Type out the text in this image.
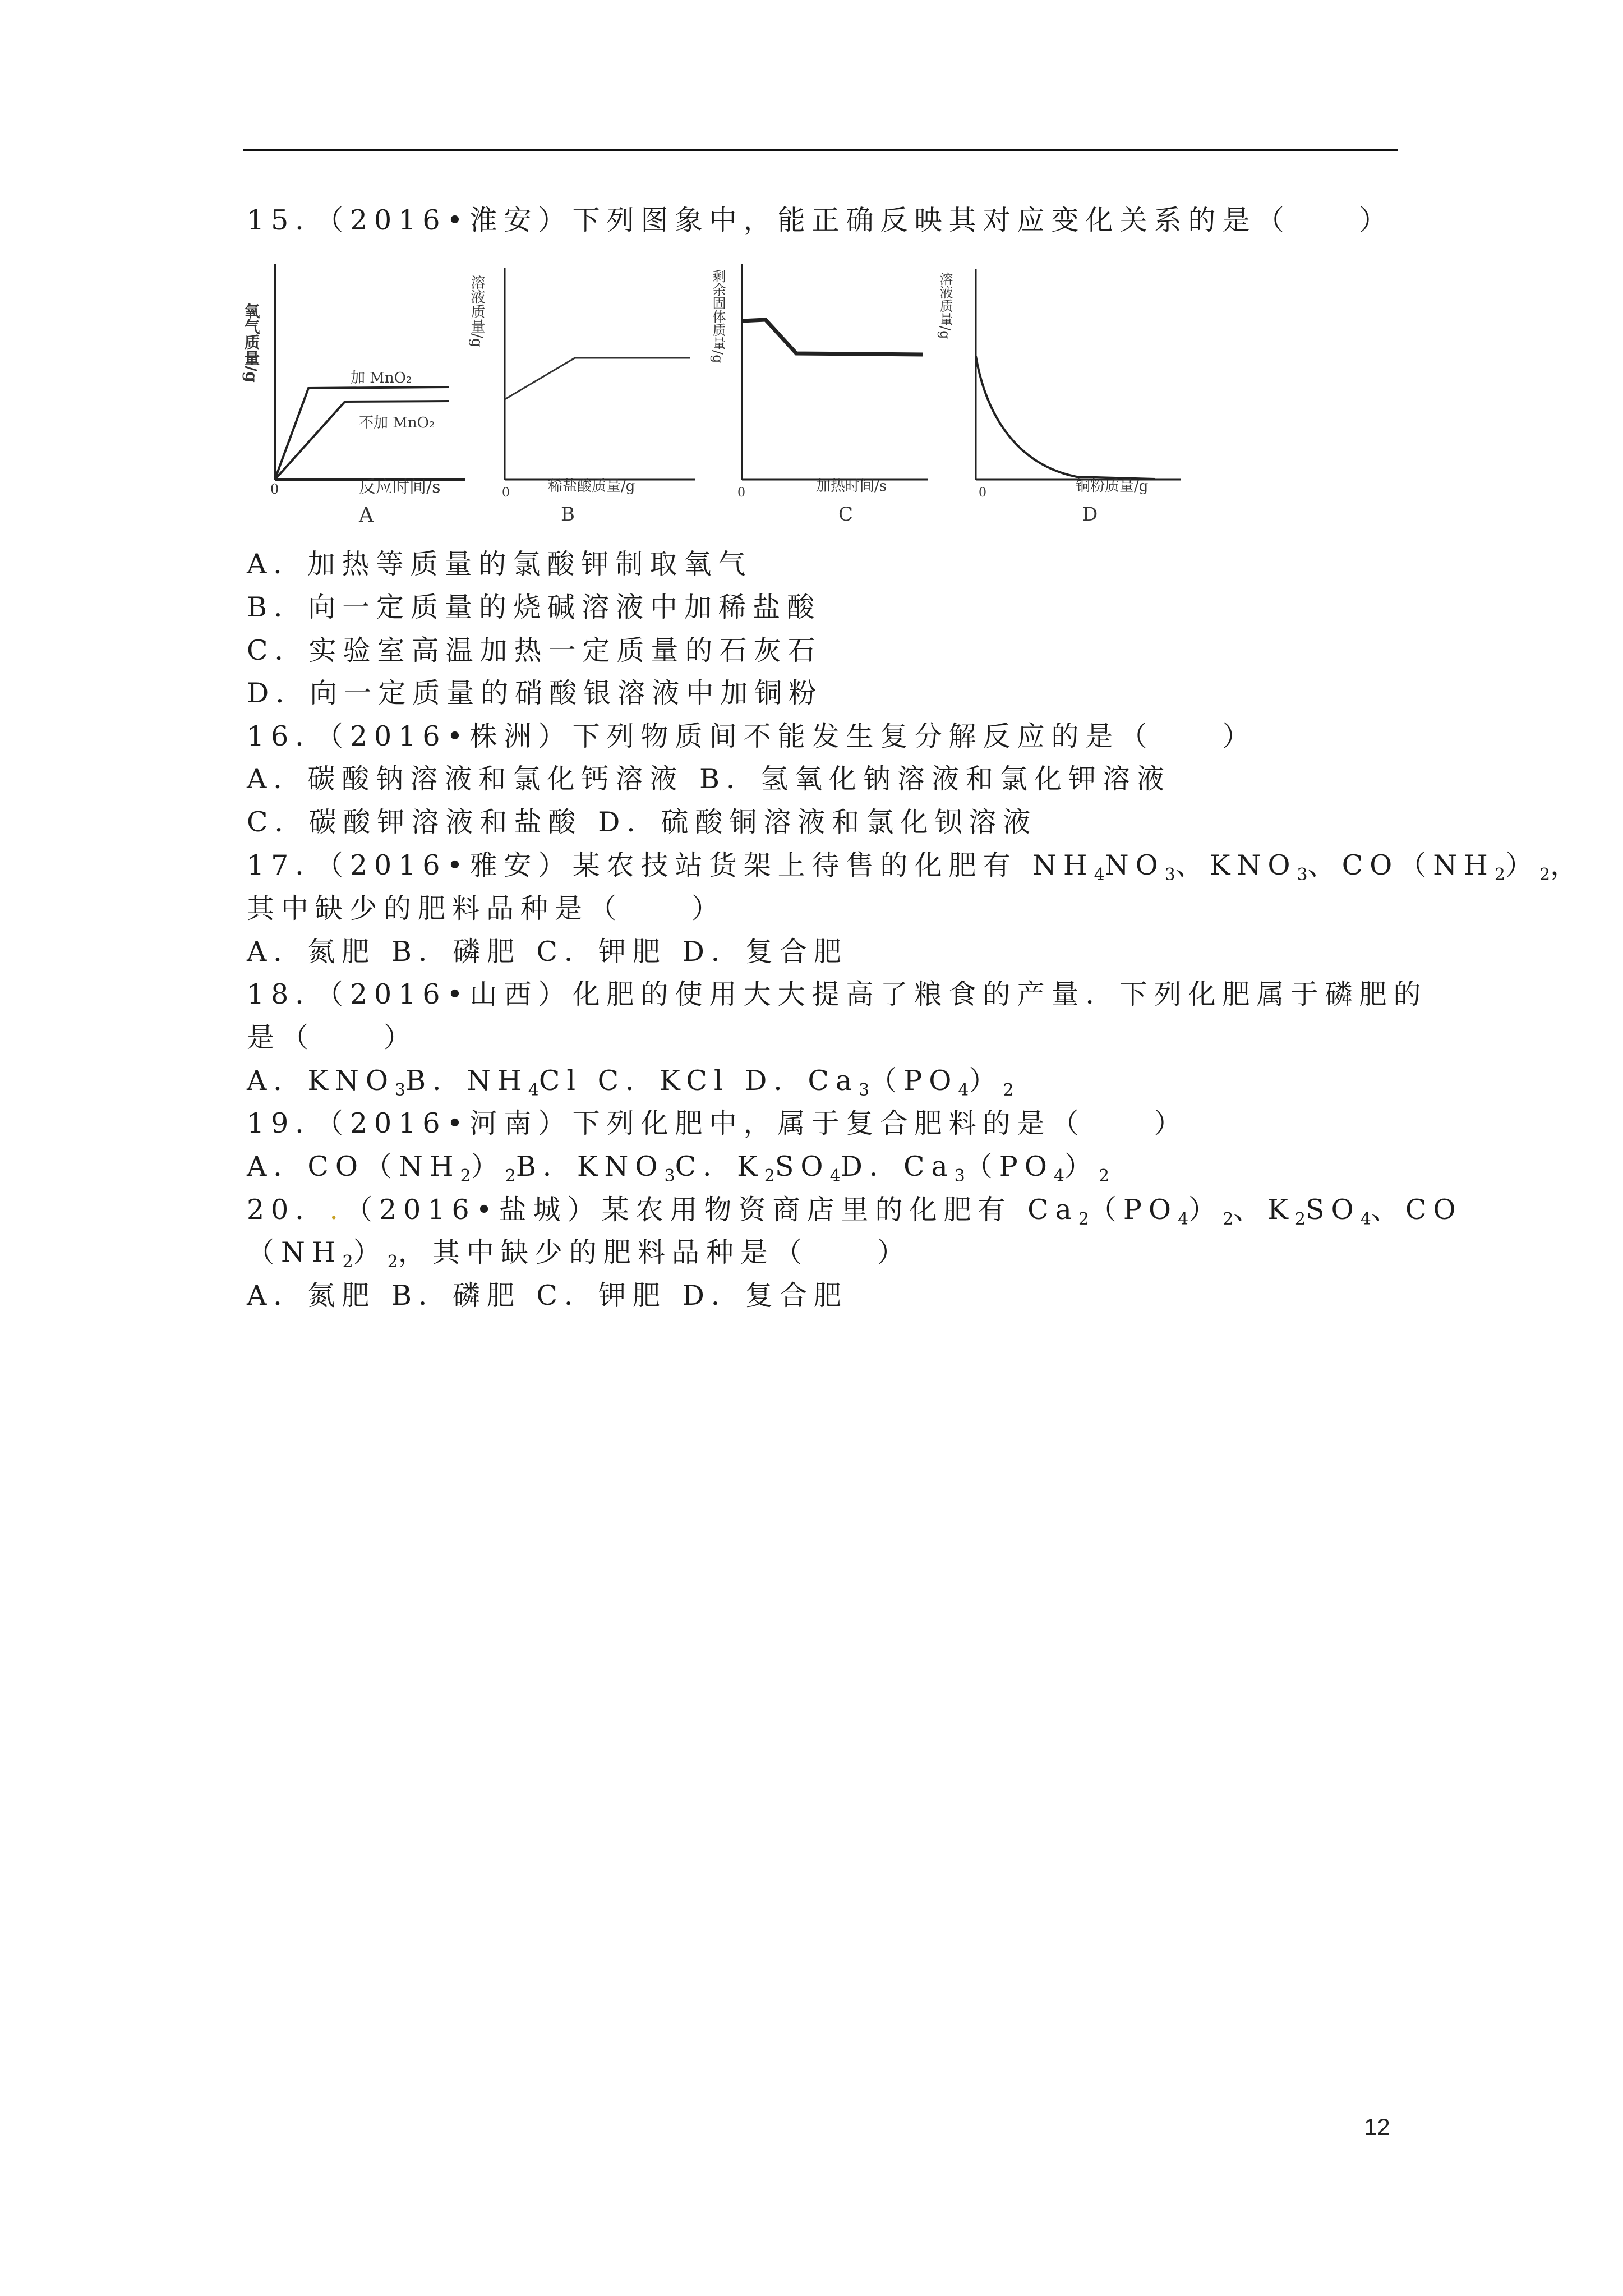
15．（2016•淮安）下列图象中，能正确反映其对应变化关系的是（　　）
氧气质量/g
0
加 MnO₂
不加 MnO₂
反应时间/s
A
溶液质量/g
0	稀盐酸质量/g
B
剩余固体质量/g
0	加热时间/s
C
溶液质量/g
0	铜粉质量/g
D
A．加热等质量的氯酸钾制取氧气
B．向一定质量的烧碱溶液中加稀盐酸
C．实验室高温加热一定质量的石灰石
D．向一定质量的硝酸银溶液中加铜粉
16．（2016•株洲）下列物质间不能发生复分解反应的是（　　）
A．碳酸钠溶液和氯化钙溶液 B．氢氧化钠溶液和氯化钾溶液
C．碳酸钾溶液和盐酸 D．硫酸铜溶液和氯化钡溶液
17．（2016•雅安）某农技站货架上待售的化肥有 $NH_4NO_3$、$KNO_3$、$CO(NH_2)_2$，
其中缺少的肥料品种是（　　）
A．氮肥 B．磷肥 C．钾肥 D．复合肥
18．（2016•山西）化肥的使用大大提高了粮食的产量．下列化肥属于磷肥的
是（　　）
A．$KNO_3B$．$NH_4Cl$ C．KCl D．$Ca_3(PO_4)_2$
19．（2016•河南）下列化肥中，属于复合肥料的是（　　）
A．$CO(NH_2)_2B$．$KNO_3C$．$K_2SO_4D$．$Ca_3(PO_4)_2$
20．.（2016•盐城）某农用物资商店里的化肥有 $Ca_2(PO_4)_2$、$K_2SO_4$、CO
$(NH_2)_2$，其中缺少的肥料品种是（　　）
A．氮肥 B．磷肥 C．钾肥 D．复合肥
12
